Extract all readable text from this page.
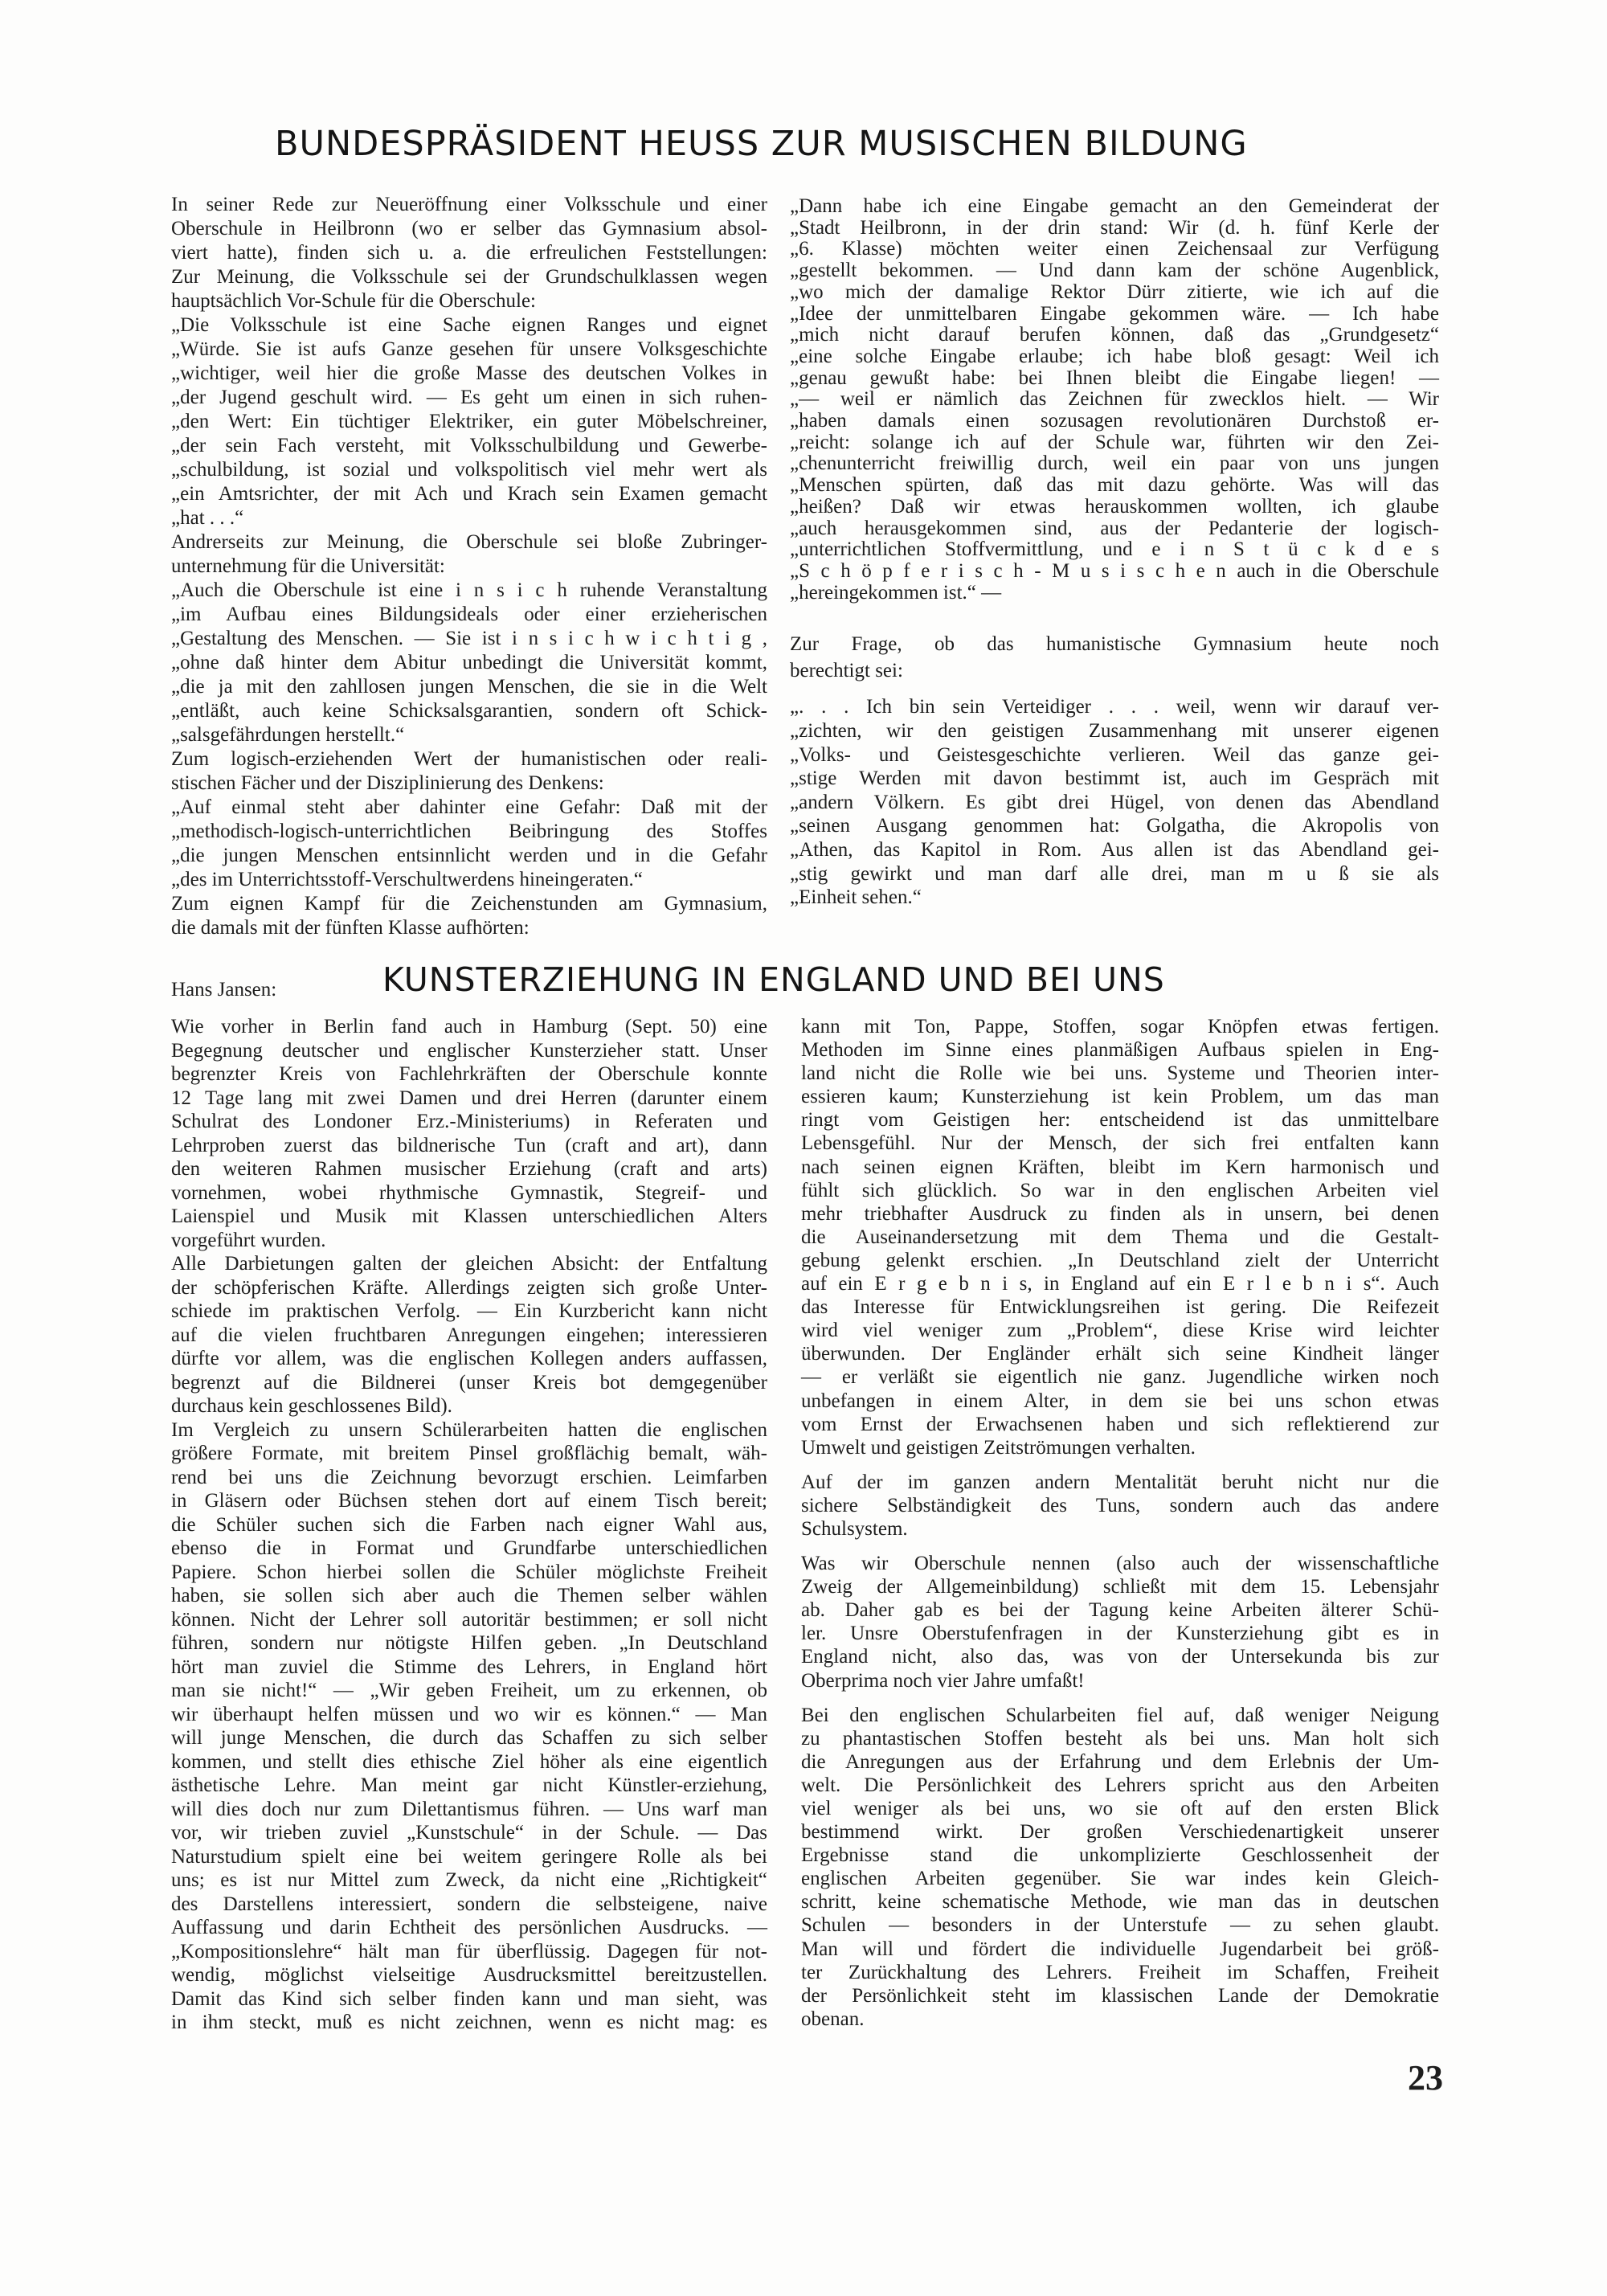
BUNDESPRÄSIDENT HEUSS ZUR MUSISCHEN BILDUNG
In seiner Rede zur Neueröffnung einer Volksschule und einer
Oberschule in Heilbronn (wo er selber das Gymnasium absol-
viert hatte), finden sich u. a. die erfreulichen Feststellungen:
Zur Meinung, die Volksschule sei der Grundschulklassen wegen
hauptsächlich Vor-Schule für die Oberschule:
„Die Volksschule ist eine Sache eignen Ranges und eignet
„Würde. Sie ist aufs Ganze gesehen für unsere Volksgeschichte
„wichtiger, weil hier die große Masse des deutschen Volkes in
„der Jugend geschult wird. — Es geht um einen in sich ruhen-
„den Wert: Ein tüchtiger Elektriker, ein guter Möbelschreiner,
„der sein Fach versteht, mit Volksschulbildung und Gewerbe-
„schulbildung, ist sozial und volkspolitisch viel mehr wert als
„ein Amtsrichter, der mit Ach und Krach sein Examen gemacht
„hat . . .“
Andrerseits zur Meinung, die Oberschule sei bloße Zubringer-
unternehmung für die Universität:
„Auch die Oberschule ist eine i n s i c h ruhende Veranstaltung
„im Aufbau eines Bildungsideals oder einer erzieherischen
„Gestaltung des Menschen. — Sie ist i n s i c h w i c h t i g ,
„ohne daß hinter dem Abitur unbedingt die Universität kommt,
„die ja mit den zahllosen jungen Menschen, die sie in die Welt
„entläßt, auch keine Schicksalsgarantien, sondern oft Schick-
„salsgefährdungen herstellt.“
Zum logisch-erziehenden Wert der humanistischen oder reali-
stischen Fächer und der Disziplinierung des Denkens:
„Auf einmal steht aber dahinter eine Gefahr: Daß mit der
„methodisch-logisch-unterrichtlichen Beibringung des Stoffes
„die jungen Menschen entsinnlicht werden und in die Gefahr
„des im Unterrichtsstoff-Verschultwerdens hineingeraten.“
Zum eignen Kampf für die Zeichenstunden am Gymnasium,
die damals mit der fünften Klasse aufhörten:
„Dann habe ich eine Eingabe gemacht an den Gemeinderat der
„Stadt Heilbronn, in der drin stand: Wir (d. h. fünf Kerle der
„6. Klasse) möchten weiter einen Zeichensaal zur Verfügung
„gestellt bekommen. — Und dann kam der schöne Augenblick,
„wo mich der damalige Rektor Dürr zitierte, wie ich auf die
„Idee der unmittelbaren Eingabe gekommen wäre. — Ich habe
„mich nicht darauf berufen können, daß das „Grundgesetz“
„eine solche Eingabe erlaube; ich habe bloß gesagt: Weil ich
„genau gewußt habe: bei Ihnen bleibt die Eingabe liegen! —
„— weil er nämlich das Zeichnen für zwecklos hielt. — Wir
„haben damals einen sozusagen revolutionären Durchstoß er-
„reicht: solange ich auf der Schule war, führten wir den Zei-
„chenunterricht freiwillig durch, weil ein paar von uns jungen
„Menschen spürten, daß das mit dazu gehörte. Was will das
„heißen? Daß wir etwas herauskommen wollten, ich glaube
„auch herausgekommen sind, aus der Pedanterie der logisch-
„unterrichtlichen Stoffvermittlung, und e i n S t ü c k d e s
„S c h ö p f e r i s c h - M u s i s c h e n auch in die Oberschule
„hereingekommen ist.“ —
Zur Frage, ob das humanistische Gymnasium heute noch
berechtigt sei:
„. . . Ich bin sein Verteidiger . . . weil, wenn wir darauf ver-
„zichten, wir den geistigen Zusammenhang mit unserer eigenen
„Volks- und Geistesgeschichte verlieren. Weil das ganze gei-
„stige Werden mit davon bestimmt ist, auch im Gespräch mit
„andern Völkern. Es gibt drei Hügel, von denen das Abendland
„seinen Ausgang genommen hat: Golgatha, die Akropolis von
„Athen, das Kapitol in Rom. Aus allen ist das Abendland gei-
„stig gewirkt und man darf alle drei, man m u ß sie als
„Einheit sehen.“
Hans Jansen:	KUNSTERZIEHUNG IN ENGLAND UND BEI UNS
Wie vorher in Berlin fand auch in Hamburg (Sept. 50) eine
Begegnung deutscher und englischer Kunsterzieher statt. Unser
begrenzter Kreis von Fachlehrkräften der Oberschule konnte
12 Tage lang mit zwei Damen und drei Herren (darunter einem
Schulrat des Londoner Erz.-Ministeriums) in Referaten und
Lehrproben zuerst das bildnerische Tun (craft and art), dann
den weiteren Rahmen musischer Erziehung (craft and arts)
vornehmen, wobei rhythmische Gymnastik, Stegreif- und
Laienspiel und Musik mit Klassen unterschiedlichen Alters
vorgeführt wurden.
Alle Darbietungen galten der gleichen Absicht: der Entfaltung
der schöpferischen Kräfte. Allerdings zeigten sich große Unter-
schiede im praktischen Verfolg. — Ein Kurzbericht kann nicht
auf die vielen fruchtbaren Anregungen eingehen; interessieren
dürfte vor allem, was die englischen Kollegen anders auffassen,
begrenzt auf die Bildnerei (unser Kreis bot demgegenüber
durchaus kein geschlossenes Bild).
Im Vergleich zu unsern Schülerarbeiten hatten die englischen
größere Formate, mit breitem Pinsel großflächig bemalt, wäh-
rend bei uns die Zeichnung bevorzugt erschien. Leimfarben
in Gläsern oder Büchsen stehen dort auf einem Tisch bereit;
die Schüler suchen sich die Farben nach eigner Wahl aus,
ebenso die in Format und Grundfarbe unterschiedlichen
Papiere. Schon hierbei sollen die Schüler möglichste Freiheit
haben, sie sollen sich aber auch die Themen selber wählen
können. Nicht der Lehrer soll autoritär bestimmen; er soll nicht
führen, sondern nur nötigste Hilfen geben. „In Deutschland
hört man zuviel die Stimme des Lehrers, in England hört
man sie nicht!“ — „Wir geben Freiheit, um zu erkennen, ob
wir überhaupt helfen müssen und wo wir es können.“ — Man
will junge Menschen, die durch das Schaffen zu sich selber
kommen, und stellt dies ethische Ziel höher als eine eigentlich
ästhetische Lehre. Man meint gar nicht Künstler-erziehung,
will dies doch nur zum Dilettantismus führen. — Uns warf man
vor, wir trieben zuviel „Kunstschule“ in der Schule. — Das
Naturstudium spielt eine bei weitem geringere Rolle als bei
uns; es ist nur Mittel zum Zweck, da nicht eine „Richtigkeit“
des Darstellens interessiert, sondern die selbsteigene, naive
Auffassung und darin Echtheit des persönlichen Ausdrucks. —
„Kompositionslehre“ hält man für überflüssig. Dagegen für not-
wendig, möglichst vielseitige Ausdrucksmittel bereitzustellen.
Damit das Kind sich selber finden kann und man sieht, was
in ihm steckt, muß es nicht zeichnen, wenn es nicht mag: es
kann mit Ton, Pappe, Stoffen, sogar Knöpfen etwas fertigen.
Methoden im Sinne eines planmäßigen Aufbaus spielen in Eng-
land nicht die Rolle wie bei uns. Systeme und Theorien inter-
essieren kaum; Kunsterziehung ist kein Problem, um das man
ringt vom Geistigen her: entscheidend ist das unmittelbare
Lebensgefühl. Nur der Mensch, der sich frei entfalten kann
nach seinen eignen Kräften, bleibt im Kern harmonisch und
fühlt sich glücklich. So war in den englischen Arbeiten viel
mehr triebhafter Ausdruck zu finden als in unsern, bei denen
die Auseinandersetzung mit dem Thema und die Gestalt-
gebung gelenkt erschien. „In Deutschland zielt der Unterricht
auf ein E r g e b n i s, in England auf ein E r l e b n i s“. Auch
das Interesse für Entwicklungsreihen ist gering. Die Reifezeit
wird viel weniger zum „Problem“, diese Krise wird leichter
überwunden. Der Engländer erhält sich seine Kindheit länger
— er verläßt sie eigentlich nie ganz. Jugendliche wirken noch
unbefangen in einem Alter, in dem sie bei uns schon etwas
vom Ernst der Erwachsenen haben und sich reflektierend zur
Umwelt und geistigen Zeitströmungen verhalten.
Auf der im ganzen andern Mentalität beruht nicht nur die
sichere Selbständigkeit des Tuns, sondern auch das andere
Schulsystem.
Was wir Oberschule nennen (also auch der wissenschaftliche
Zweig der Allgemeinbildung) schließt mit dem 15. Lebensjahr
ab. Daher gab es bei der Tagung keine Arbeiten älterer Schü-
ler. Unsre Oberstufenfragen in der Kunsterziehung gibt es in
England nicht, also das, was von der Untersekunda bis zur
Oberprima noch vier Jahre umfaßt!
Bei den englischen Schularbeiten fiel auf, daß weniger Neigung
zu phantastischen Stoffen besteht als bei uns. Man holt sich
die Anregungen aus der Erfahrung und dem Erlebnis der Um-
welt. Die Persönlichkeit des Lehrers spricht aus den Arbeiten
viel weniger als bei uns, wo sie oft auf den ersten Blick
bestimmend wirkt. Der großen Verschiedenartigkeit unserer
Ergebnisse stand die unkomplizierte Geschlossenheit der
englischen Arbeiten gegenüber. Sie war indes kein Gleich-
schritt, keine schematische Methode, wie man das in deutschen
Schulen — besonders in der Unterstufe — zu sehen glaubt.
Man will und fördert die individuelle Jugendarbeit bei größ-
ter Zurückhaltung des Lehrers. Freiheit im Schaffen, Freiheit
der Persönlichkeit steht im klassischen Lande der Demokratie
obenan.
23
